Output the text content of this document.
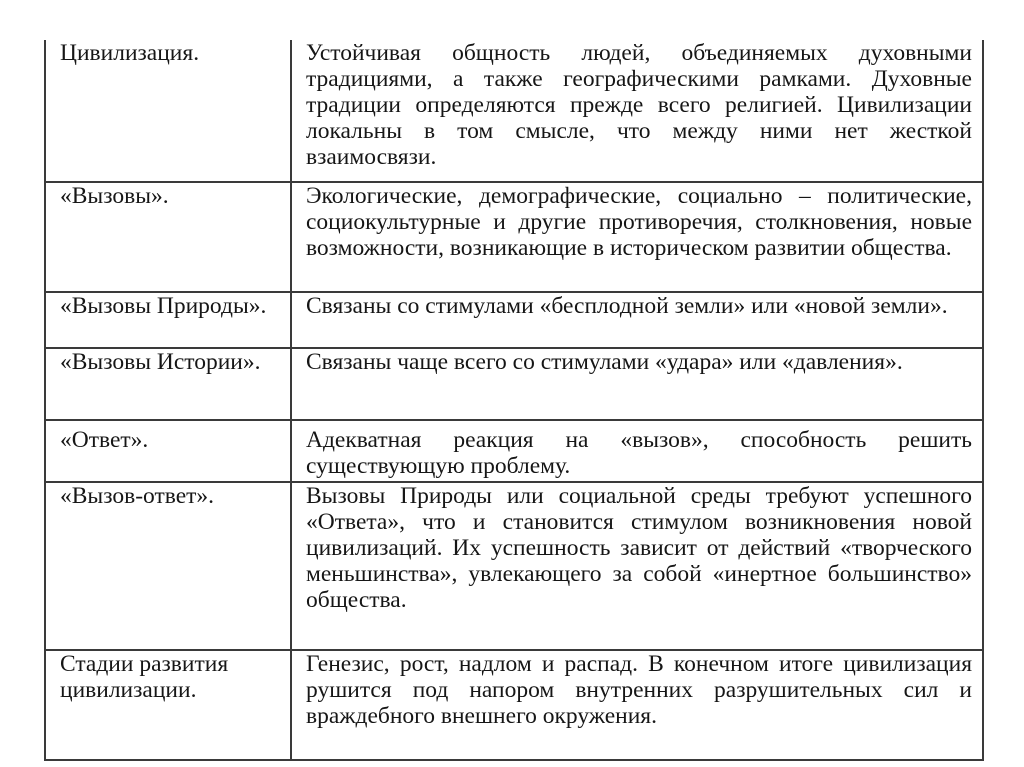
Цивилизация.	Устойчивая общность людей, объединяемых духовными традициями, а также географическими рамками. Духовные традиции определяются прежде всего религией. Цивилизации локальны в том смысле, что между ними нет жесткой взаимосвязи.

«Вызовы».	Экологические, демографические, социально – политические, социокультурные и другие противоречия, столкновения, новые возможности, возникающие в историческом развитии общества.

«Вызовы Природы».	Связаны со стимулами «бесплодной земли» или «новой земли».

«Вызовы Истории».	Связаны чаще всего со стимулами «удара» или «давления».

«Ответ».	Адекватная реакция на «вызов», способность решить существующую проблему.

«Вызов-ответ».	Вызовы Природы или социальной среды требуют успешного «Ответа», что и становится стимулом возникновения новой цивилизаций. Их успешность зависит от действий «творческого меньшинства», увлекающего за собой «инертное большинство» общества.

Стадии развития цивилизации.	Генезис, рост, надлом и распад. В конечном итоге цивилизация рушится под напором внутренних разрушительных сил и враждебного внешнего окружения.
